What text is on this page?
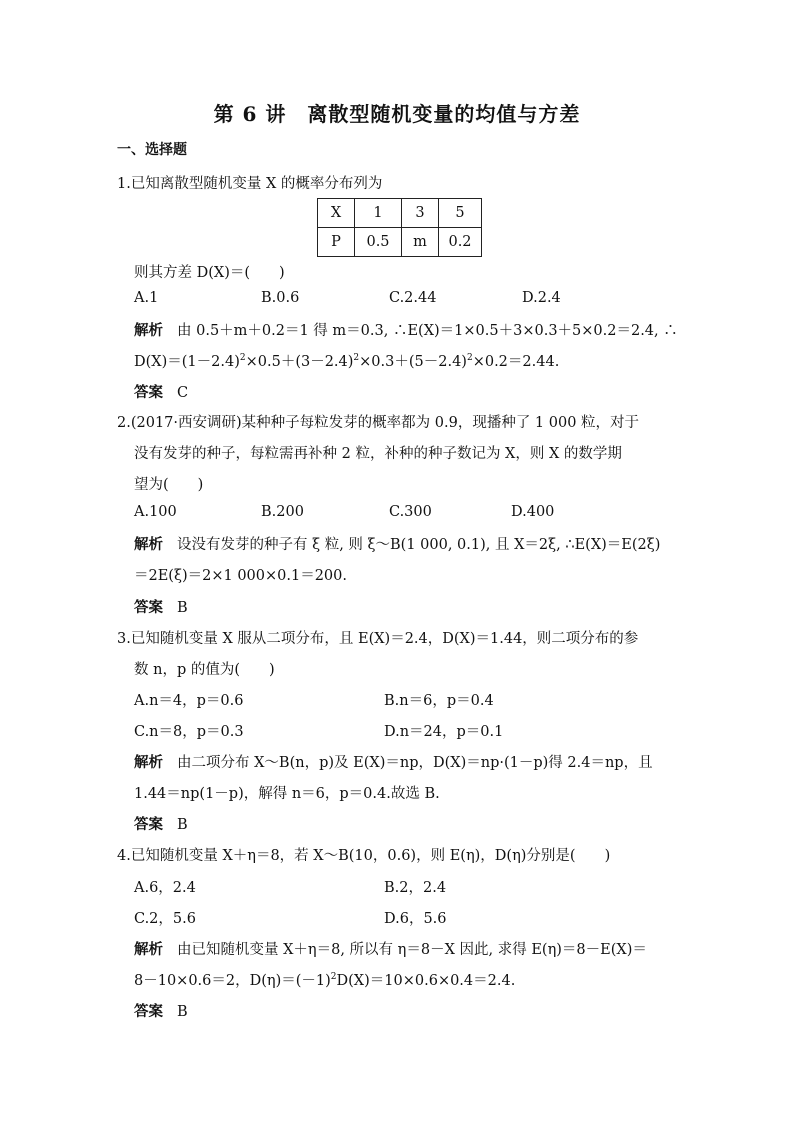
第 6 讲　离散型随机变量的均值与方差
一、选择题
1.已知离散型随机变量 X 的概率分布列为
X	1	3	5
P	0.5	m	0.2
则其方差 D(X)＝(　　)
A.1	B.0.6	C.2.44	D.2.4
解析 由 0.5＋m＋0.2＝1 得 m＝0.3, ∴E(X)＝1×0.5＋3×0.3＋5×0.2＝2.4, ∴
$D(X)=(1-2.4)^2\times 0.5+(3-2.4)^2\times 0.3+(5-2.4)^2\times 0.2=2.44$.
答案 C
2.(2017·西安调研)某种种子每粒发芽的概率都为 0.9，现播种了 1 000 粒，对于
没有发芽的种子，每粒需再补种 2 粒，补种的种子数记为 X，则 X 的数学期
望为(　　)
A.100	B.200	C.300	D.400
解析 设没有发芽的种子有 ξ 粒, 则 ξ～B(1 000, 0.1), 且 X＝2ξ, ∴E(X)＝E(2ξ)
＝2E(ξ)＝2×1 000×0.1＝200.
答案 B
3.已知随机变量 X 服从二项分布，且 E(X)＝2.4，D(X)＝1.44，则二项分布的参
数 n，p 的值为(　　)
A.n＝4，p＝0.6	B.n＝6，p＝0.4
C.n＝8，p＝0.3	D.n＝24，p＝0.1
解析 由二项分布 X～B(n，p)及 E(X)＝np，D(X)＝np·(1－p)得 2.4＝np，且
1.44＝np(1－p)，解得 n＝6，p＝0.4.故选 B.
答案 B
4.已知随机变量 X＋η＝8，若 X～B(10，0.6)，则 E(η)，D(η)分别是(　　)
A.6，2.4	B.2，2.4
C.2，5.6	D.6，5.6
解析 由已知随机变量 X＋η＝8, 所以有 η＝8－X 因此, 求得 E(η)＝8－E(X)＝
8－10×0.6＝2，$D(\eta)=(-1)^2D(X)=10\times 0.6\times 0.4=2.4$.
答案 B
